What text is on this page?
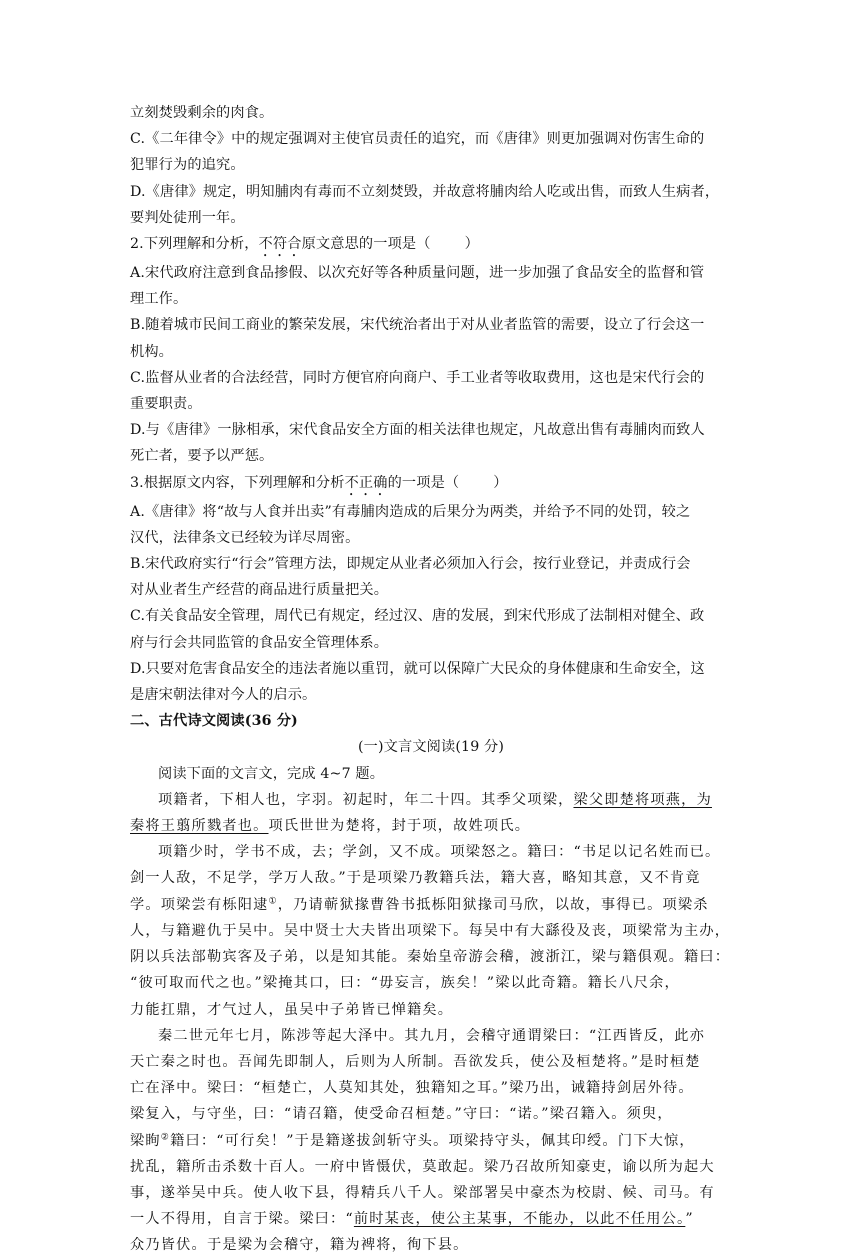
立刻焚毁剩余的肉食。
C.《二年律令》中的规定强调对主使官员责任的追究，而《唐律》则更加强调对伤害生命的
犯罪行为的追究。
D.《唐律》规定，明知脯肉有毒而不立刻焚毁，并故意将脯肉给人吃或出售，而致人生病者，
要判处徒刑一年。
2.下列理解和分析，不符合原文意思的一项是（ ）
A.宋代政府注意到食品掺假、以次充好等各种质量问题，进一步加强了食品安全的监督和管
理工作。
B.随着城市民间工商业的繁荣发展，宋代统治者出于对从业者监管的需要，设立了行会这一
机构。
C.监督从业者的合法经营，同时方便官府向商户、手工业者等收取费用，这也是宋代行会的
重要职责。
D.与《唐律》一脉相承，宋代食品安全方面的相关法律也规定，凡故意出售有毒脯肉而致人
死亡者，要予以严惩。
3.根据原文内容，下列理解和分析不正确的一项是（ ）
A.《唐律》将“故与人食并出卖”有毒脯肉造成的后果分为两类，并给予不同的处罚，较之
汉代，法律条文已经较为详尽周密。
B.宋代政府实行“行会”管理方法，即规定从业者必须加入行会，按行业登记，并责成行会
对从业者生产经营的商品进行质量把关。
C.有关食品安全管理，周代已有规定，经过汉、唐的发展，到宋代形成了法制相对健全、政
府与行会共同监管的食品安全管理体系。
D.只要对危害食品安全的违法者施以重罚，就可以保障广大民众的身体健康和生命安全，这
是唐宋朝法律对今人的启示。
二、古代诗文阅读(36 分)
(一)文言文阅读(19 分)
阅读下面的文言文，完成 4~7 题。
项籍者，下相人也，字羽。初起时，年二十四。其季父项梁，梁父即楚将项燕，为
秦将王翦所戮者也。项氏世世为楚将，封于项，故姓项氏。
项籍少时，学书不成，去；学剑，又不成。项梁怒之。籍曰：“书足以记名姓而已。
剑一人敌，不足学，学万人敌。”于是项梁乃教籍兵法，籍大喜，略知其意，又不肯竟
学。项梁尝有栎阳逮①，乃请蕲狱掾曹咎书抵栎阳狱掾司马欣，以故，事得已。项梁杀
人，与籍避仇于吴中。吴中贤士大夫皆出项梁下。每吴中有大繇役及丧，项梁常为主办，
阴以兵法部勒宾客及子弟，以是知其能。秦始皇帝游会稽，渡浙江，梁与籍俱观。籍曰：
“彼可取而代之也。”梁掩其口，曰：“毋妄言，族矣！”梁以此奇籍。籍长八尺余，
力能扛鼎，才气过人，虽吴中子弟皆已惮籍矣。
秦二世元年七月，陈涉等起大泽中。其九月，会稽守通谓梁曰：“江西皆反，此亦
天亡秦之时也。吾闻先即制人，后则为人所制。吾欲发兵，使公及桓楚将。”是时桓楚
亡在泽中。梁曰：“桓楚亡，人莫知其处，独籍知之耳。”梁乃出，诫籍持剑居外待。
梁复入，与守坐，曰：“请召籍，使受命召桓楚。”守曰：“诺。”梁召籍入。须臾，
梁眴②籍曰：“可行矣！”于是籍遂拔剑斩守头。项梁持守头，佩其印绶。门下大惊，
扰乱，籍所击杀数十百人。一府中皆慑伏，莫敢起。梁乃召故所知豪吏，谕以所为起大
事，遂举吴中兵。使人收下县，得精兵八千人。梁部署吴中豪杰为校尉、候、司马。有
一人不得用，自言于梁。梁曰：“前时某丧，使公主某事，不能办，以此不任用公。”
众乃皆伏。于是梁为会稽守，籍为裨将，徇下县。
